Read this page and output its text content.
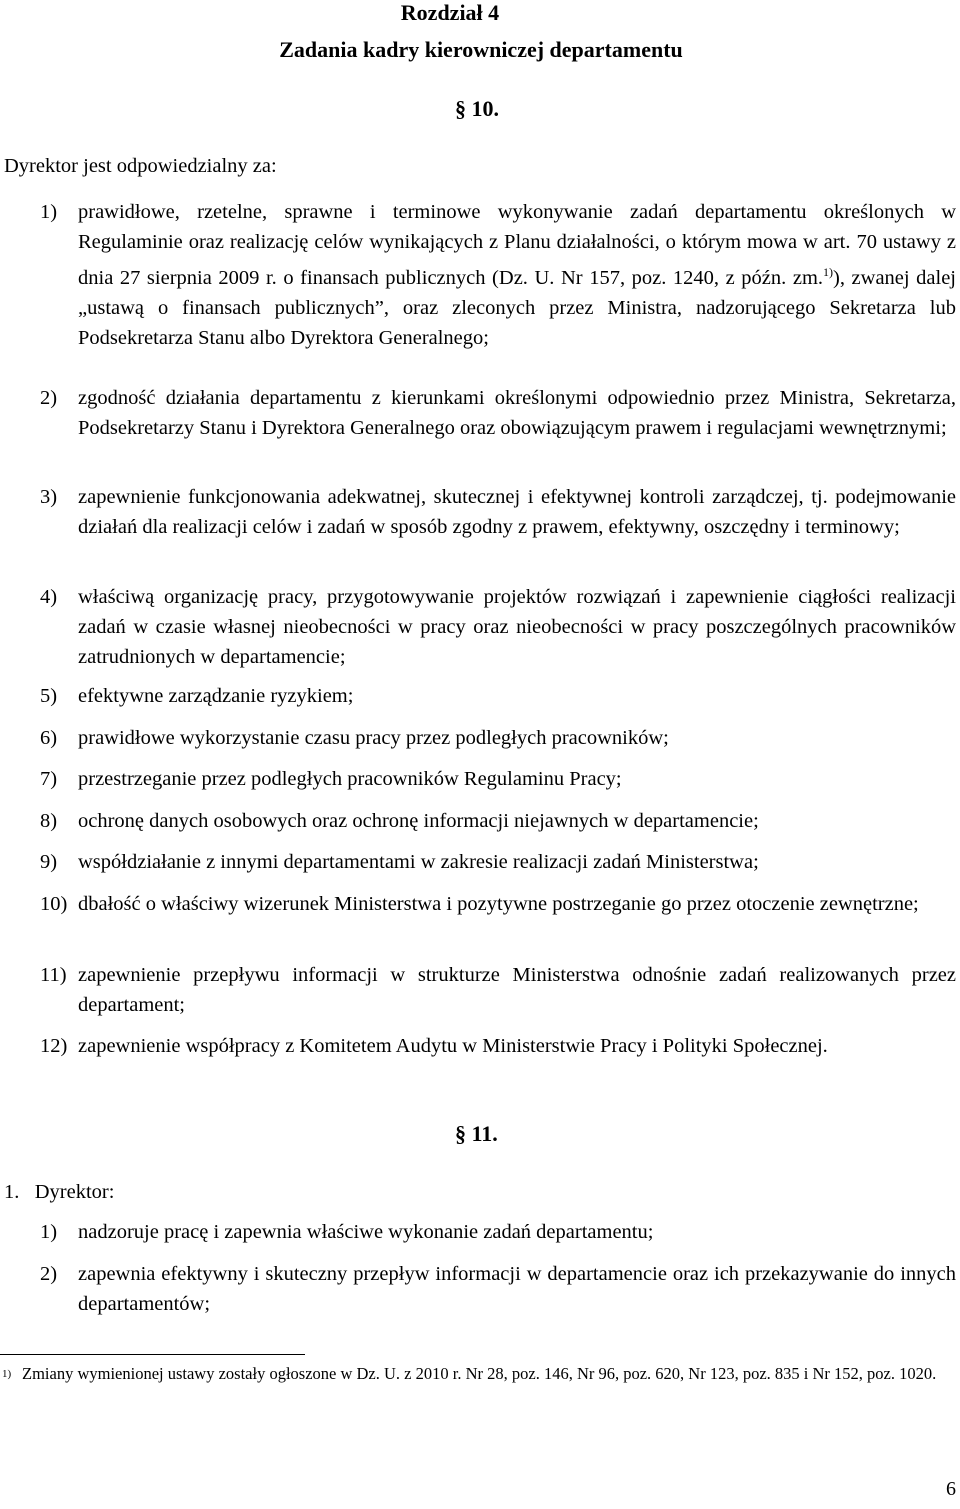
Rozdział 4
Zadania kadry kierowniczej departamentu
§ 10.
Dyrektor jest odpowiedzialny za:
1) prawidłowe, rzetelne, sprawne i terminowe wykonywanie zadań departamentu określonych w Regulaminie oraz realizację celów wynikających z Planu działalności, o którym mowa w art. 70 ustawy z dnia 27 sierpnia 2009 r. o finansach publicznych (Dz. U. Nr 157, poz. 1240, z późn. zm.$^{1)}$), zwanej dalej „ustawą o finansach publicznych”, oraz zleconych przez Ministra, nadzorującego Sekretarza lub Podsekretarza Stanu albo Dyrektora Generalnego;
2) zgodność działania departamentu z kierunkami określonymi odpowiednio przez Ministra, Sekretarza, Podsekretarzy Stanu i Dyrektora Generalnego oraz obowiązującym prawem i regulacjami wewnętrznymi;
3) zapewnienie funkcjonowania adekwatnej, skutecznej i efektywnej kontroli zarządczej, tj. podejmowanie działań dla realizacji celów i zadań w sposób zgodny z prawem, efektywny, oszczędny i terminowy;
4) właściwą organizację pracy, przygotowywanie projektów rozwiązań i zapewnienie ciągłości realizacji zadań w czasie własnej nieobecności w pracy oraz nieobecności w pracy poszczególnych pracowników zatrudnionych w departamencie;
5) efektywne zarządzanie ryzykiem;
6) prawidłowe wykorzystanie czasu pracy przez podległych pracowników;
7) przestrzeganie przez podległych pracowników Regulaminu Pracy;
8) ochronę danych osobowych oraz ochronę informacji niejawnych w departamencie;
9) współdziałanie z innymi departamentami w zakresie realizacji zadań Ministerstwa;
10) dbałość o właściwy wizerunek Ministerstwa i pozytywne postrzeganie go przez otoczenie zewnętrzne;
11) zapewnienie przepływu informacji w strukturze Ministerstwa odnośnie zadań realizowanych przez departament;
12) zapewnienie współpracy z Komitetem Audytu w Ministerstwie Pracy i Polityki Społecznej.
§ 11.
1. Dyrektor:
1) nadzoruje pracę i zapewnia właściwe wykonanie zadań departamentu;
2) zapewnia efektywny i skuteczny przepływ informacji w departamencie oraz ich przekazywanie do innych departamentów;
$^{1)}$ Zmiany wymienionej ustawy zostały ogłoszone w Dz. U. z 2010 r. Nr 28, poz. 146, Nr 96, poz. 620, Nr 123, poz. 835 i Nr 152, poz. 1020.
6
